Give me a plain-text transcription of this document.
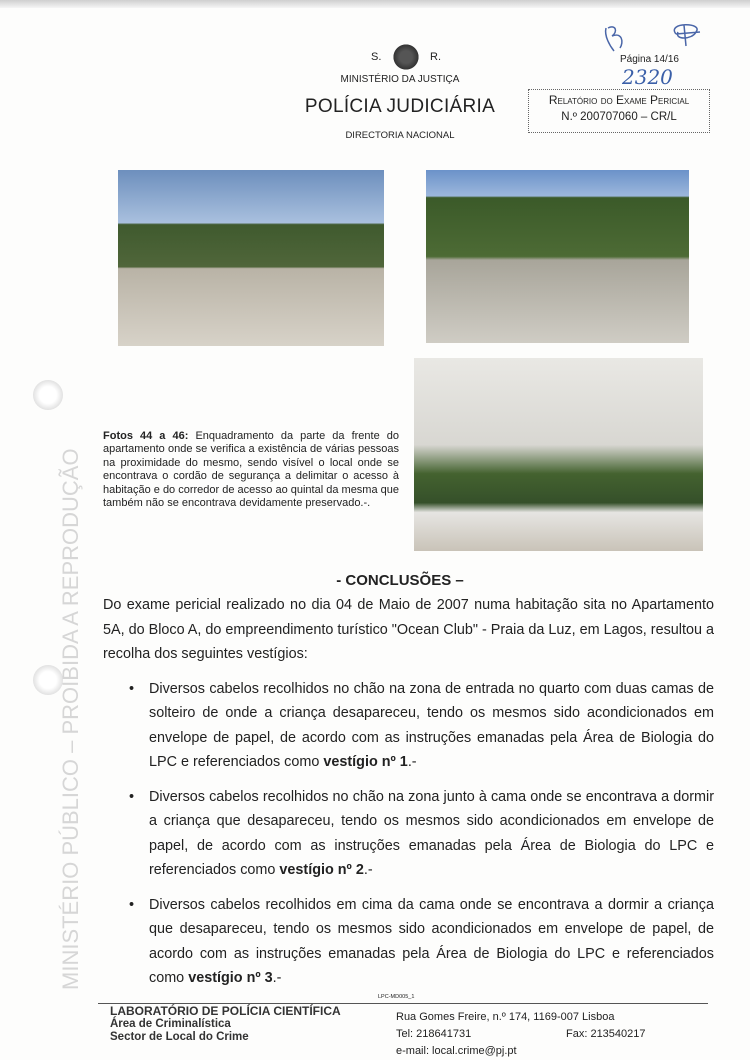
S.	R.
MINISTÉRIO DA JUSTIÇA
POLÍCIA JUDICIÁRIA
DIRECTORIA NACIONAL
Página 14/16
2320
Relatório do Exame Pericial
N.º 200707060 – CR/L
Fotos 44 a 46: Enquadramento da parte da frente do apartamento onde se verifica a existência de várias pessoas na proximidade do mesmo, sendo visível o local onde se encontrava o cordão de segurança a delimitar o acesso à habitação e do corredor de acesso ao quintal da mesma que também não se encontrava devidamente preservado.-.
MINISTÉRIO PÚBLICO – PROIBIDA A REPRODUÇÃO	- CONCLUSÕES –

Do exame pericial realizado no dia 04 de Maio de 2007 numa habitação sita no Apartamento 5A, do Bloco A, do empreendimento turístico "Ocean Club" - Praia da Luz, em Lagos, resultou a recolha dos seguintes vestígios:

• Diversos cabelos recolhidos no chão na zona de entrada no quarto com duas camas de solteiro de onde a criança desapareceu, tendo os mesmos sido acondicionados em envelope de papel, de acordo com as instruções emanadas pela Área de Biologia do LPC e referenciados como vestígio nº 1.-
• Diversos cabelos recolhidos no chão na zona junto à cama onde se encontrava a dormir a criança que desapareceu, tendo os mesmos sido acondicionados em envelope de papel, de acordo com as instruções emanadas pela Área de Biologia do LPC e referenciados como vestígio nº 2.-
• Diversos cabelos recolhidos em cima da cama onde se encontrava a dormir a criança que desapareceu, tendo os mesmos sido acondicionados em envelope de papel, de acordo com as instruções emanadas pela Área de Biologia do LPC e referenciados como vestígio nº 3.-
LPC-MD005_1
LABORATÓRIO DE POLÍCIA CIENTÍFICA
Área de Criminalística
Sector de Local do Crime
Rua Gomes Freire, n.º 174, 1169-007 Lisboa
Tel: 218641731
e-mail: local.crime@pj.pt
Fax: 213540217
